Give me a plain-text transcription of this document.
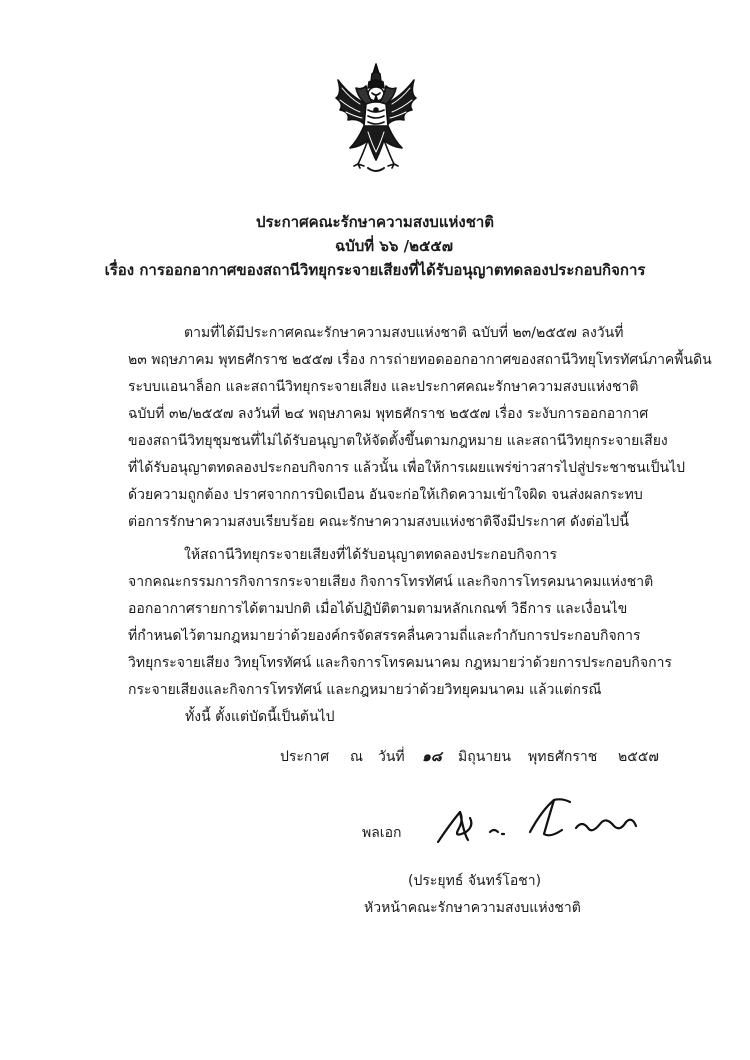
ประกาศคณะรักษาความสงบแห่งชาติ
ฉบับที่ ๖๖ /๒๕๕๗
เรื่อง การออกอากาศของสถานีวิทยุกระจายเสียงที่ได้รับอนุญาตทดลองประกอบกิจการ
ตามที่ได้มีประกาศคณะรักษาความสงบแห่งชาติ ฉบับที่ ๒๓/๒๕๕๗ ลงวันที่
๒๓ พฤษภาคม พุทธศักราช ๒๕๕๗ เรื่อง การถ่ายทอดออกอากาศของสถานีวิทยุโทรทัศน์ภาคพื้นดิน
ระบบแอนาล็อก และสถานีวิทยุกระจายเสียง และประกาศคณะรักษาความสงบแห่งชาติ
ฉบับที่ ๓๒/๒๕๕๗ ลงวันที่ ๒๔ พฤษภาคม พุทธศักราช ๒๕๕๗ เรื่อง ระงับการออกอากาศ
ของสถานีวิทยุชุมชนที่ไม่ได้รับอนุญาตให้จัดตั้งขึ้นตามกฎหมาย และสถานีวิทยุกระจายเสียง
ที่ได้รับอนุญาตทดลองประกอบกิจการ แล้วนั้น เพื่อให้การเผยแพร่ข่าวสารไปสู่ประชาชนเป็นไป
ด้วยความถูกต้อง ปราศจากการบิดเบือน อันจะก่อให้เกิดความเข้าใจผิด จนส่งผลกระทบ
ต่อการรักษาความสงบเรียบร้อย คณะรักษาความสงบแห่งชาติจึงมีประกาศ ดังต่อไปนี้
ให้สถานีวิทยุกระจายเสียงที่ได้รับอนุญาตทดลองประกอบกิจการ
จากคณะกรรมการกิจการกระจายเสียง กิจการโทรทัศน์ และกิจการโทรคมนาคมแห่งชาติ
ออกอากาศรายการได้ตามปกติ เมื่อได้ปฏิบัติตามตามหลักเกณฑ์ วิธีการ และเงื่อนไข
ที่กำหนดไว้ตามกฎหมายว่าด้วยองค์กรจัดสรรคลื่นความถี่และกำกับการประกอบกิจการ
วิทยุกระจายเสียง วิทยุโทรทัศน์ และกิจการโทรคมนาคม กฎหมายว่าด้วยการประกอบกิจการ
กระจายเสียงและกิจการโทรทัศน์ และกฎหมายว่าด้วยวิทยุคมนาคม แล้วแต่กรณี
ทั้งนี้ ตั้งแต่บัดนี้เป็นต้นไป
ประกาศ ณ วันที่ ๑๘ มิถุนายน พุทธศักราช ๒๕๕๗
พลเอก
(ประยุทธ์ จันทร์โอชา)
หัวหน้าคณะรักษาความสงบแห่งชาติ
